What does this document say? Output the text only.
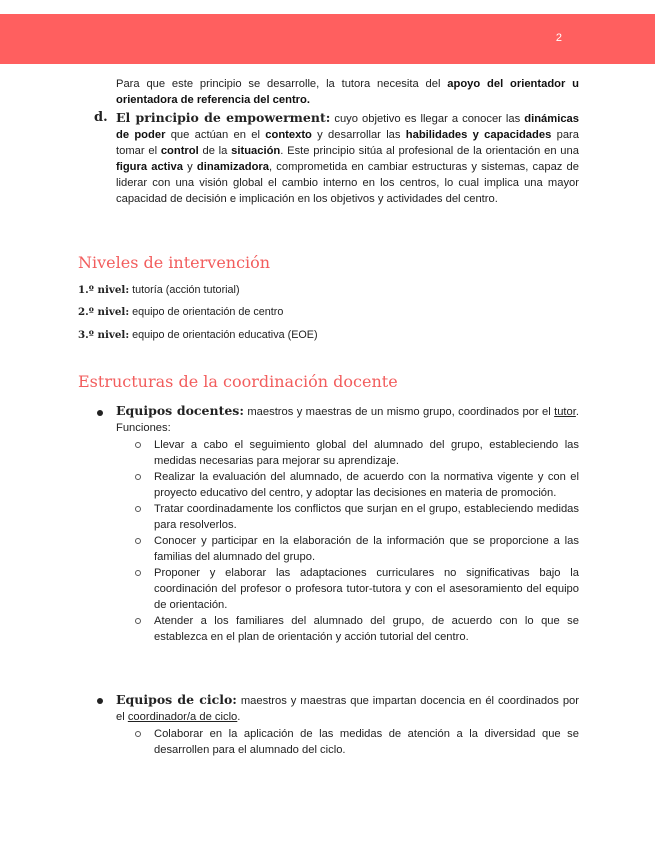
2
Para que este principio se desarrolle, la tutora necesita del apoyo del orientador u orientadora de referencia del centro.
d. El principio de empowerment: cuyo objetivo es llegar a conocer las dinámicas de poder que actúan en el contexto y desarrollar las habilidades y capacidades para tomar el control de la situación. Este principio sitúa al profesional de la orientación en una figura activa y dinamizadora, comprometida en cambiar estructuras y sistemas, capaz de liderar con una visión global el cambio interno en los centros, lo cual implica una mayor capacidad de decisión e implicación en los objetivos y actividades del centro.
Niveles de intervención
1.º nivel: tutoría (acción tutorial)
2.º nivel: equipo de orientación de centro
3.º nivel: equipo de orientación educativa (EOE)
Estructuras de la coordinación docente
Equipos docentes: maestros y maestras de un mismo grupo, coordinados por el tutor. Funciones:
Llevar a cabo el seguimiento global del alumnado del grupo, estableciendo las medidas necesarias para mejorar su aprendizaje.
Realizar la evaluación del alumnado, de acuerdo con la normativa vigente y con el proyecto educativo del centro, y adoptar las decisiones en materia de promoción.
Tratar coordinadamente los conflictos que surjan en el grupo, estableciendo medidas para resolverlos.
Conocer y participar en la elaboración de la información que se proporcione a las familias del alumnado del grupo.
Proponer y elaborar las adaptaciones curriculares no significativas bajo la coordinación del profesor o profesora tutor-tutora y con el asesoramiento del equipo de orientación.
Atender a los familiares del alumnado del grupo, de acuerdo con lo que se establezca en el plan de orientación y acción tutorial del centro.
Equipos de ciclo: maestros y maestras que impartan docencia en él coordinados por el coordinador/a de ciclo.
Colaborar en la aplicación de las medidas de atención a la diversidad que se desarrollen para el alumnado del ciclo.
